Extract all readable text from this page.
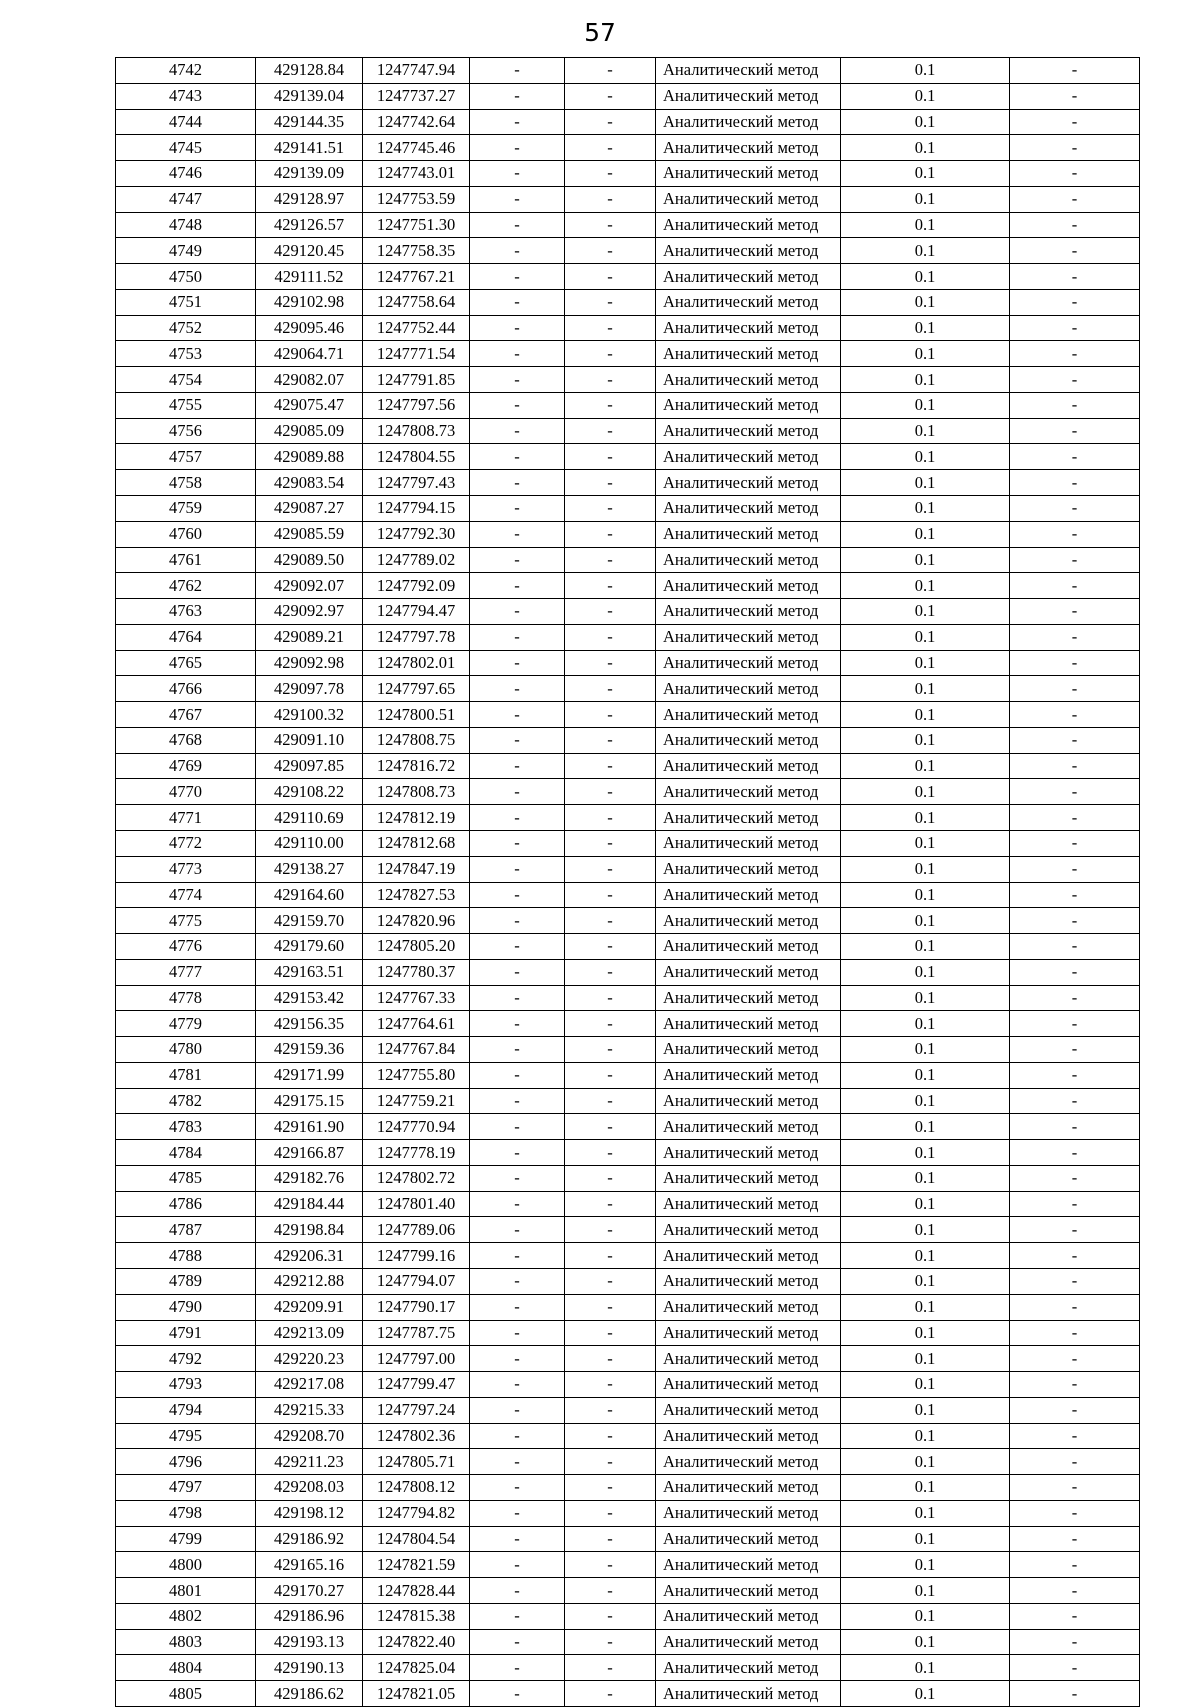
57
4742	429128.84	1247747.94	-	-	Аналитический метод	0.1	-
4743	429139.04	1247737.27	-	-	Аналитический метод	0.1	-
4744	429144.35	1247742.64	-	-	Аналитический метод	0.1	-
4745	429141.51	1247745.46	-	-	Аналитический метод	0.1	-
4746	429139.09	1247743.01	-	-	Аналитический метод	0.1	-
4747	429128.97	1247753.59	-	-	Аналитический метод	0.1	-
4748	429126.57	1247751.30	-	-	Аналитический метод	0.1	-
4749	429120.45	1247758.35	-	-	Аналитический метод	0.1	-
4750	429111.52	1247767.21	-	-	Аналитический метод	0.1	-
4751	429102.98	1247758.64	-	-	Аналитический метод	0.1	-
4752	429095.46	1247752.44	-	-	Аналитический метод	0.1	-
4753	429064.71	1247771.54	-	-	Аналитический метод	0.1	-
4754	429082.07	1247791.85	-	-	Аналитический метод	0.1	-
4755	429075.47	1247797.56	-	-	Аналитический метод	0.1	-
4756	429085.09	1247808.73	-	-	Аналитический метод	0.1	-
4757	429089.88	1247804.55	-	-	Аналитический метод	0.1	-
4758	429083.54	1247797.43	-	-	Аналитический метод	0.1	-
4759	429087.27	1247794.15	-	-	Аналитический метод	0.1	-
4760	429085.59	1247792.30	-	-	Аналитический метод	0.1	-
4761	429089.50	1247789.02	-	-	Аналитический метод	0.1	-
4762	429092.07	1247792.09	-	-	Аналитический метод	0.1	-
4763	429092.97	1247794.47	-	-	Аналитический метод	0.1	-
4764	429089.21	1247797.78	-	-	Аналитический метод	0.1	-
4765	429092.98	1247802.01	-	-	Аналитический метод	0.1	-
4766	429097.78	1247797.65	-	-	Аналитический метод	0.1	-
4767	429100.32	1247800.51	-	-	Аналитический метод	0.1	-
4768	429091.10	1247808.75	-	-	Аналитический метод	0.1	-
4769	429097.85	1247816.72	-	-	Аналитический метод	0.1	-
4770	429108.22	1247808.73	-	-	Аналитический метод	0.1	-
4771	429110.69	1247812.19	-	-	Аналитический метод	0.1	-
4772	429110.00	1247812.68	-	-	Аналитический метод	0.1	-
4773	429138.27	1247847.19	-	-	Аналитический метод	0.1	-
4774	429164.60	1247827.53	-	-	Аналитический метод	0.1	-
4775	429159.70	1247820.96	-	-	Аналитический метод	0.1	-
4776	429179.60	1247805.20	-	-	Аналитический метод	0.1	-
4777	429163.51	1247780.37	-	-	Аналитический метод	0.1	-
4778	429153.42	1247767.33	-	-	Аналитический метод	0.1	-
4779	429156.35	1247764.61	-	-	Аналитический метод	0.1	-
4780	429159.36	1247767.84	-	-	Аналитический метод	0.1	-
4781	429171.99	1247755.80	-	-	Аналитический метод	0.1	-
4782	429175.15	1247759.21	-	-	Аналитический метод	0.1	-
4783	429161.90	1247770.94	-	-	Аналитический метод	0.1	-
4784	429166.87	1247778.19	-	-	Аналитический метод	0.1	-
4785	429182.76	1247802.72	-	-	Аналитический метод	0.1	-
4786	429184.44	1247801.40	-	-	Аналитический метод	0.1	-
4787	429198.84	1247789.06	-	-	Аналитический метод	0.1	-
4788	429206.31	1247799.16	-	-	Аналитический метод	0.1	-
4789	429212.88	1247794.07	-	-	Аналитический метод	0.1	-
4790	429209.91	1247790.17	-	-	Аналитический метод	0.1	-
4791	429213.09	1247787.75	-	-	Аналитический метод	0.1	-
4792	429220.23	1247797.00	-	-	Аналитический метод	0.1	-
4793	429217.08	1247799.47	-	-	Аналитический метод	0.1	-
4794	429215.33	1247797.24	-	-	Аналитический метод	0.1	-
4795	429208.70	1247802.36	-	-	Аналитический метод	0.1	-
4796	429211.23	1247805.71	-	-	Аналитический метод	0.1	-
4797	429208.03	1247808.12	-	-	Аналитический метод	0.1	-
4798	429198.12	1247794.82	-	-	Аналитический метод	0.1	-
4799	429186.92	1247804.54	-	-	Аналитический метод	0.1	-
4800	429165.16	1247821.59	-	-	Аналитический метод	0.1	-
4801	429170.27	1247828.44	-	-	Аналитический метод	0.1	-
4802	429186.96	1247815.38	-	-	Аналитический метод	0.1	-
4803	429193.13	1247822.40	-	-	Аналитический метод	0.1	-
4804	429190.13	1247825.04	-	-	Аналитический метод	0.1	-
4805	429186.62	1247821.05	-	-	Аналитический метод	0.1	-
